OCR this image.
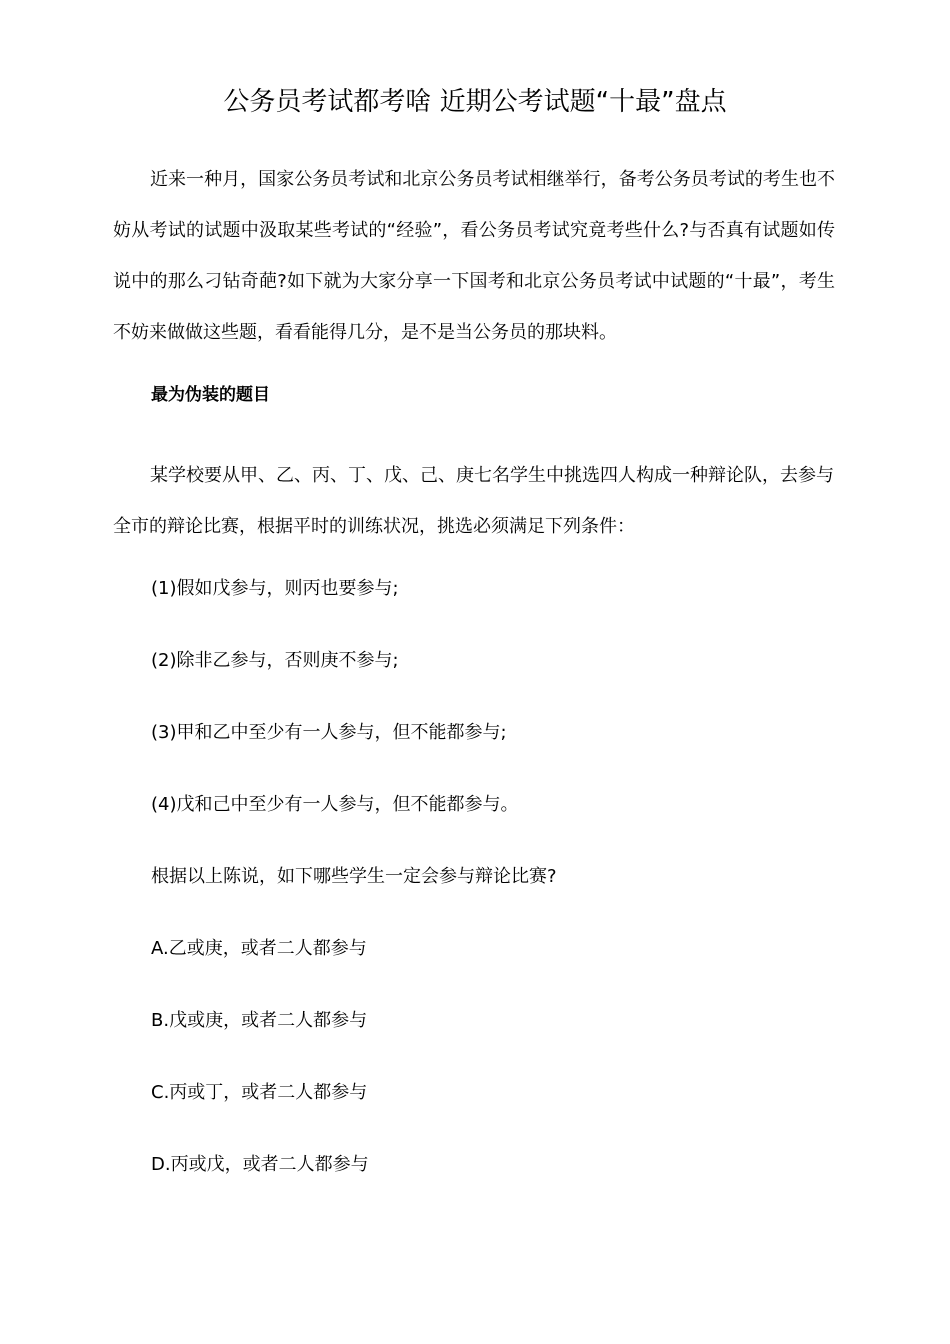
公务员考试都考啥 近期公考试题“十最”盘点

近来一种月，国家公务员考试和北京公务员考试相继举行，备考公务员考试的考生也不妨从考试的试题中汲取某些考试的“经验”，看公务员考试究竟考些什么?与否真有试题如传说中的那么刁钻奇葩?如下就为大家分享一下国考和北京公务员考试中试题的“十最”，考生不妨来做做这些题，看看能得几分，是不是当公务员的那块料。

最为伪装的题目

某学校要从甲、乙、丙、丁、戊、己、庚七名学生中挑选四人构成一种辩论队，去参与全市的辩论比赛，根据平时的训练状况，挑选必须满足下列条件：

(1)假如戊参与，则丙也要参与;

(2)除非乙参与，否则庚不参与;

(3)甲和乙中至少有一人参与，但不能都参与;

(4)戊和己中至少有一人参与，但不能都参与。

根据以上陈说，如下哪些学生一定会参与辩论比赛?

A.乙或庚，或者二人都参与

B.戊或庚，或者二人都参与

C.丙或丁，或者二人都参与

D.丙或戊，或者二人都参与
